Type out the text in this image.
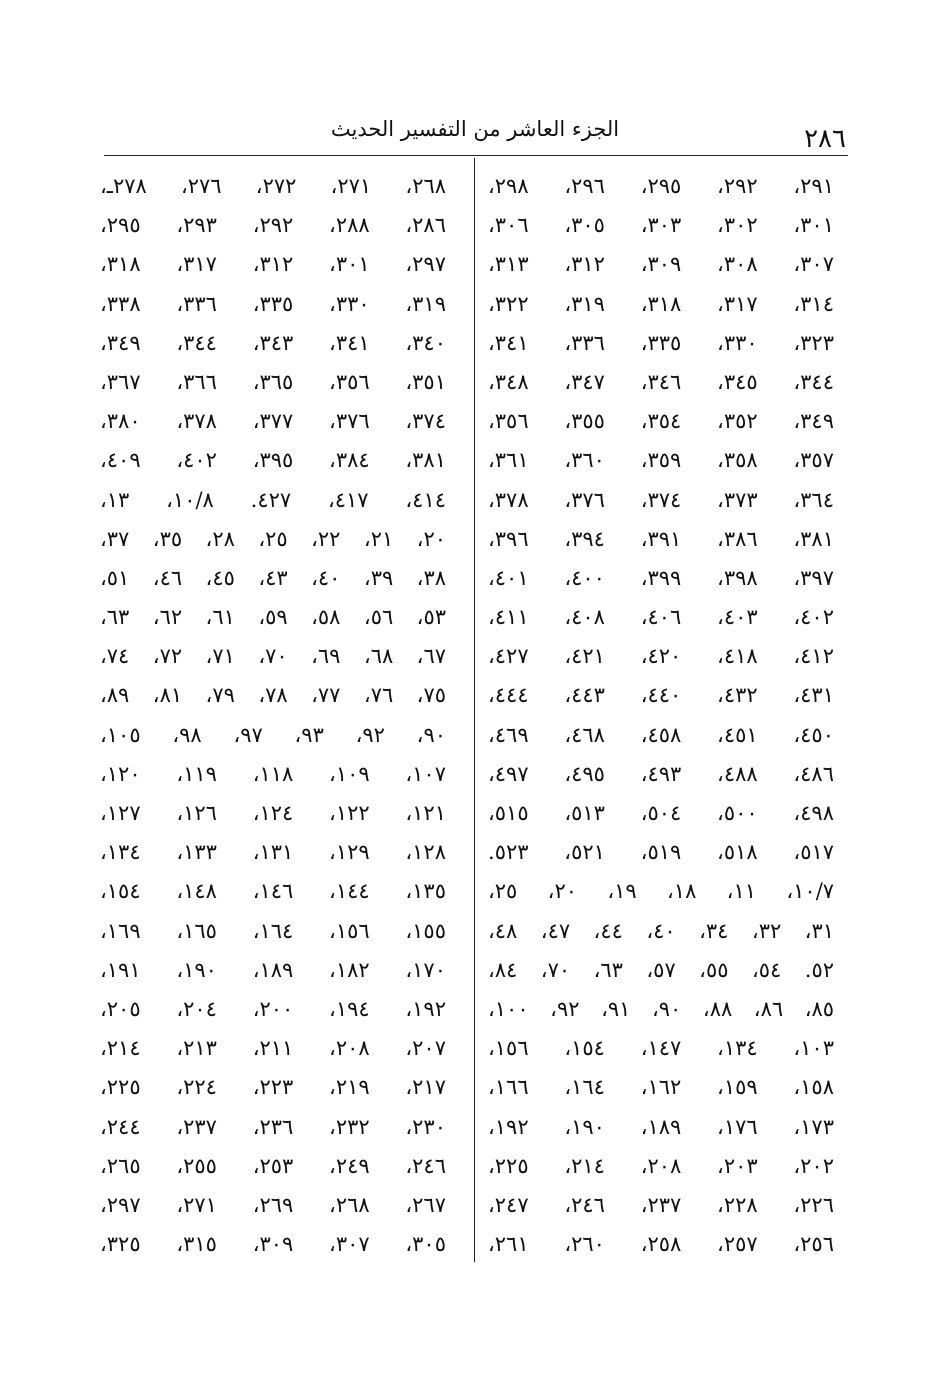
الجزء العاشر من التفسير الحديث	٢٨٦
٢٩١، ٢٩٢، ٢٩٥، ٢٩٦، ٢٩٨،
٣٠١، ٣٠٢، ٣٠٣، ٣٠٥، ٣٠٦،
٣٠٧، ٣٠٨، ٣٠٩، ٣١٢، ٣١٣،
٣١٤، ٣١٧، ٣١٨، ٣١٩، ٣٢٢،
٣٢٣، ٣٣٠، ٣٣٥، ٣٣٦، ٣٤١،
٣٤٤، ٣٤٥، ٣٤٦، ٣٤٧، ٣٤٨،
٣٤٩، ٣٥٢، ٣٥٤، ٣٥٥، ٣٥٦،
٣٥٧، ٣٥٨، ٣٥٩، ٣٦٠، ٣٦١،
٣٦٤، ٣٧٣، ٣٧٤، ٣٧٦، ٣٧٨،
٣٨١، ٣٨٦، ٣٩١، ٣٩٤، ٣٩٦،
٣٩٧، ٣٩٨، ٣٩٩، ٤٠٠، ٤٠١،
٤٠٢، ٤٠٣، ٤٠٦، ٤٠٨، ٤١١،
٤١٢، ٤١٨، ٤٢٠، ٤٢١، ٤٢٧،
٤٣١، ٤٣٢، ٤٤٠، ٤٤٣، ٤٤٤،
٤٥٠، ٤٥١، ٤٥٨، ٤٦٨، ٤٦٩،
٤٨٦، ٤٨٨، ٤٩٣، ٤٩٥، ٤٩٧،
٤٩٨، ٥٠٠، ٥٠٤، ٥١٣، ٥١٥،
٥١٧، ٥١٨، ٥١٩، ٥٢١، ٥٢٣.
١٠/٧، ١١، ١٨، ١٩، ٢٠، ٢٥،
٣١، ٣٢، ٣٤، ٤٠، ٤٤، ٤٧، ٤٨،
٥٢. ٥٤، ٥٥، ٥٧، ٦٣، ٧٠، ٨٤،
٨٥، ٨٦، ٨٨، ٩٠، ٩١، ٩٢، ١٠٠،
١٠٣، ١٣٤، ١٤٧، ١٥٤، ١٥٦،
١٥٨، ١٥٩، ١٦٢، ١٦٤، ١٦٦،
١٧٣، ١٧٦، ١٨٩، ١٩٠، ١٩٢،
٢٠٢، ٢٠٣، ٢٠٨، ٢١٤، ٢٢٥،
٢٢٦، ٢٢٨، ٢٣٧، ٢٤٦، ٢٤٧،
٢٥٦، ٢٥٧، ٢٥٨، ٢٦٠، ٢٦١،
٢٦٨، ٢٧١، ٢٧٢، ٢٧٦، ٢٧٨ـ،
٢٨٦، ٢٨٨، ٢٩٢، ٢٩٣، ٢٩٥،
٢٩٧، ٣٠١، ٣١٢، ٣١٧، ٣١٨،
٣١٩، ٣٣٠، ٣٣٥، ٣٣٦، ٣٣٨،
٣٤٠، ٣٤١، ٣٤٣، ٣٤٤، ٣٤٩،
٣٥١، ٣٥٦، ٣٦٥، ٣٦٦، ٣٦٧،
٣٧٤، ٣٧٦، ٣٧٧، ٣٧٨، ٣٨٠،
٣٨١، ٣٨٤، ٣٩٥، ٤٠٢، ٤٠٩،
٤١٤، ٤١٧، ٤٢٧. ١٠/٨، ١٣،
٢٠، ٢١، ٢٢، ٢٥، ٢٨، ٣٥، ٣٧،
٣٨، ٣٩، ٤٠، ٤٣، ٤٥، ٤٦، ٥١،
٥٣، ٥٦، ٥٨، ٥٩، ٦١، ٦٢، ٦٣،
٦٧، ٦٨، ٦٩، ٧٠، ٧١، ٧٢، ٧٤،
٧٥، ٧٦، ٧٧، ٧٨، ٧٩، ٨١، ٨٩،
٩٠، ٩٢، ٩٣، ٩٧، ٩٨، ١٠٥،
١٠٧، ١٠٩، ١١٨، ١١٩، ١٢٠،
١٢١، ١٢٢، ١٢٤، ١٢٦، ١٢٧،
١٢٨، ١٢٩، ١٣١، ١٣٣، ١٣٤،
١٣٥، ١٤٤، ١٤٦، ١٤٨، ١٥٤،
١٥٥، ١٥٦، ١٦٤، ١٦٥، ١٦٩،
١٧٠، ١٨٢، ١٨٩، ١٩٠، ١٩١،
١٩٢، ١٩٤، ٢٠٠، ٢٠٤، ٢٠٥،
٢٠٧، ٢٠٨، ٢١١، ٢١٣، ٢١٤،
٢١٧، ٢١٩، ٢٢٣، ٢٢٤، ٢٢٥،
٢٣٠، ٢٣٢، ٢٣٦، ٢٣٧، ٢٤٤،
٢٤٦، ٢٤٩، ٢٥٣، ٢٥٥، ٢٦٥،
٢٦٧، ٢٦٨، ٢٦٩، ٢٧١، ٢٩٧،
٣٠٥، ٣٠٧، ٣٠٩، ٣١٥، ٣٢٥،
